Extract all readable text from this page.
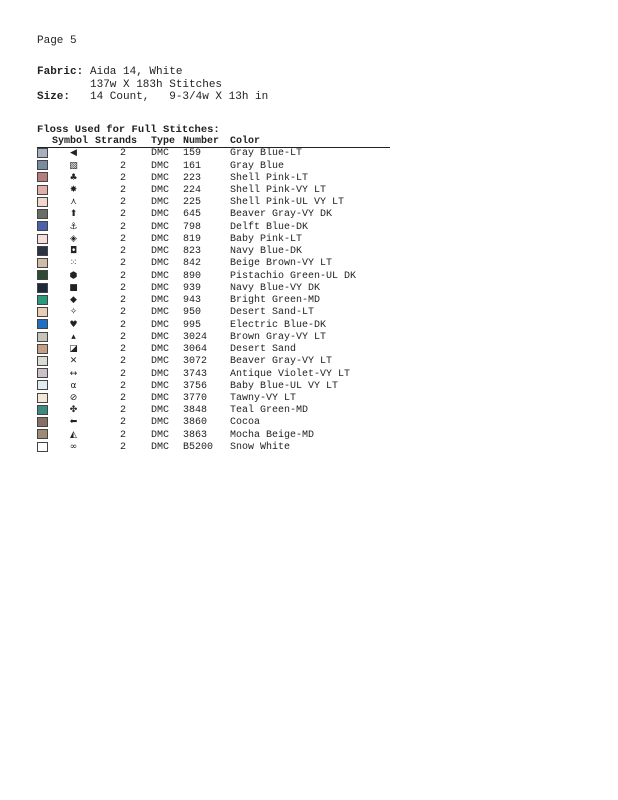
Page 5
Fabric: Aida 14, White
137w X 183h Stitches
Size:	14 Count,   9-3/4w X 13h in
Floss Used for Full Stitches:
	Symbol	Strands	Type	Number	Color
	◀	2	DMC	159	Gray Blue-LT
	▧	2	DMC	161	Gray Blue
	♣	2	DMC	223	Shell Pink-LT
	✸	2	DMC	224	Shell Pink-VY LT
	⋏	2	DMC	225	Shell Pink-UL VY LT
	⬆	2	DMC	645	Beaver Gray-VY DK
	⚓	2	DMC	798	Delft Blue-DK
	◈	2	DMC	819	Baby Pink-LT
	◘	2	DMC	823	Navy Blue-DK
	⁙	2	DMC	842	Beige Brown-VY LT
	⬢	2	DMC	890	Pistachio Green-UL DK
	■	2	DMC	939	Navy Blue-VY DK
	◆	2	DMC	943	Bright Green-MD
	✧	2	DMC	950	Desert Sand-LT
	♥	2	DMC	995	Electric Blue-DK
	▴	2	DMC	3024	Brown Gray-VY LT
	◪	2	DMC	3064	Desert Sand
	✕	2	DMC	3072	Beaver Gray-VY LT
	↔	2	DMC	3743	Antique Violet-VY LT
	α	2	DMC	3756	Baby Blue-UL VY LT
	⊘	2	DMC	3770	Tawny-VY LT
	✤	2	DMC	3848	Teal Green-MD
	⬅	2	DMC	3860	Cocoa
	◭	2	DMC	3863	Mocha Beige-MD
	∞	2	DMC	B5200	Snow White
